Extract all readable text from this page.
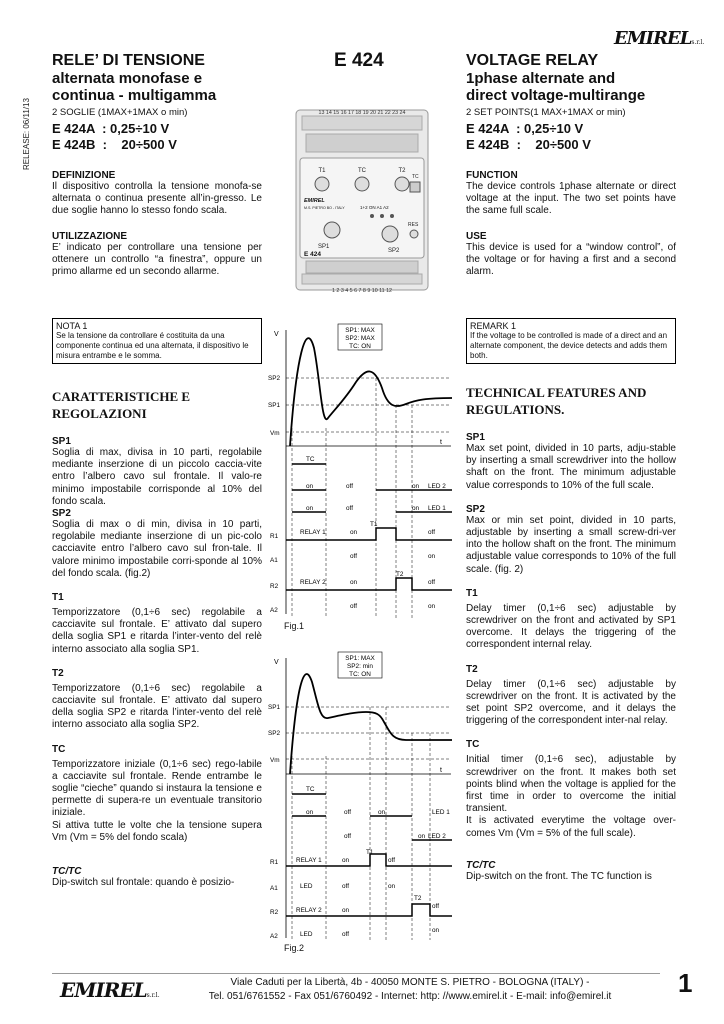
RELEASE: 06/11/13
EMIRELs.r.l.
E 424
RELE’ DI TENSIONE
alternata monofase e
continua - multigamma
2 SOGLIE (1MAX+1MAX o min)
E 424A  : 0,25÷10 V
E 424B  :    20÷500 V
DEFINIZIONE
Il dispositivo controlla la tensione monofa-se alternata o continua presente all’in-gresso. Le due soglie hanno lo stesso fondo scala.
UTILIZZAZIONE
E’ indicato per controllare una tensione per ottenere un controllo “a finestra”, oppure un primo allarme ed un secondo allarme.
NOTA 1
Se la tensione da controllare é costituita da una componente continua ed una alternata, il dispositivo le misura entrambe e le somma.
CARATTERISTICHE E
REGOLAZIONI
SP1
Soglia di max, divisa in 10 parti, regolabile mediante inserzione di un piccolo caccia-vite entro l’albero cavo sul frontale. Il valo-re minimo impostabile corrisponde al 10% del fondo scala.
SP2
Soglia di max o di min, divisa in 10 parti, regolabile mediante inserzione di un pic-colo cacciavite entro l’albero cavo sul fron-tale. Il valore minimo impostabile corri-sponde al 10% del fondo scala. (fig.2)
T1
Temporizzatore (0,1÷6 sec) regolabile a cacciavite sul frontale. E’ attivato dal supero della soglia SP1 e ritarda l’inter-vento del relè interno associato alla soglia SP1.
T2
Temporizzatore (0,1÷6 sec) regolabile a cacciavite sul frontale. E’ attivato dal supero della soglia SP2 e ritarda l’inter-vento del relè interno associato alla soglia SP2.
TC
Temporizzatore iniziale (0,1÷6 sec) rego-labile a cacciavite sul frontale. Rende entrambe le soglie “cieche” quando si instaura la tensione e permette di supera-re un eventuale transitorio iniziale.
Si attiva tutte le volte che la tensione supera Vm (Vm = 5% del fondo scala)
TC/TC
Dip-switch sul frontale: quando è posizio-
VOLTAGE RELAY
1phase alternate and
direct voltage-multirange
2 SET POINTS(1 MAX+1MAX or min)
E 424A  : 0,25÷10 V
E 424B  :    20÷500 V
FUNCTION
The device controls 1phase alternate or direct voltage at the input. The two set points have the same full scale.
USE
This device is used for a “window control”, of the voltage or for having a first and a second alarm.
REMARK 1
If the voltage to be controlled is made of a direct and an alternate component, the device detects and adds them both.
TECHNICAL FEATURES AND
REGULATIONS.
SP1
Max set point, divided in 10 parts, adju-stable by inserting a small screwdriver into the hollow shaft on the front. The minimum adjustable value corresponds to 10% of the full scale.
SP2
Max or min set point, divided in 10 parts, adjustable by inserting a small screw-dri-ver into the hollow shaft on the front. The minimum adjustable value corresponds to 10% of the full scale. (fig. 2)
T1
Delay timer (0,1÷6 sec) adjustable by screwdriver on the front and activated by SP1 overcome. It delays the triggering of the correspondent internal relay.
T2
Delay timer (0,1÷6 sec) adjustable by screwdriver on the front. It is activated by the set point SP2 overcome, and it delays the triggering of the correspondent inter-nal relay.
TC
Initial timer (0,1÷6 sec), adjustable by screwdriver on the front. It makes both set points blind when the voltage is applied for the first time in order to overcome the initial transient.
It is activated everytime the voltage over-comes Vm (Vm = 5% of the full scale).
TC/TC
Dip-switch on the front. The TC function is
13 14 15 16 17 18 19 20 21 22 23 24
T1	TC	T2
TC
EMIREL
M.S. PIETRO BO - ITALY	1+2 ON A1 A2
SP1
SP2
RES
E 424
1 2 3 4 5 6 7 8 9 10 11 12
V
SP1: MAX
SP2: MAX
TC: ON
SP2
SP1
Vm
t
TC
on	off	on LED 2
on	off	on LED 1
T1
R1
RELAY 1	on	off
A1
off	on
T2
R2
RELAY 2	on	off
A2
off	on
Fig.1
V
SP1: MAX
SP2: min
TC: ON
SP1
SP2
Vm
t
TC
on	off	on	LED 1
off	on LED 2
T1
R1	RELAY 1	on	off
A1	LED	off	on
T2
R2	RELAY 2	on
off
A2	LED	off
on
Fig.2
EMIRELs.r.l.
Viale Caduti per la Libertà, 4b - 40050 MONTE S. PIETRO - BOLOGNA (ITALY) -
Tel. 051/6761552 - Fax 051/6760492 - Internet: http: //www.emirel.it - E-mail: info@emirel.it	1
